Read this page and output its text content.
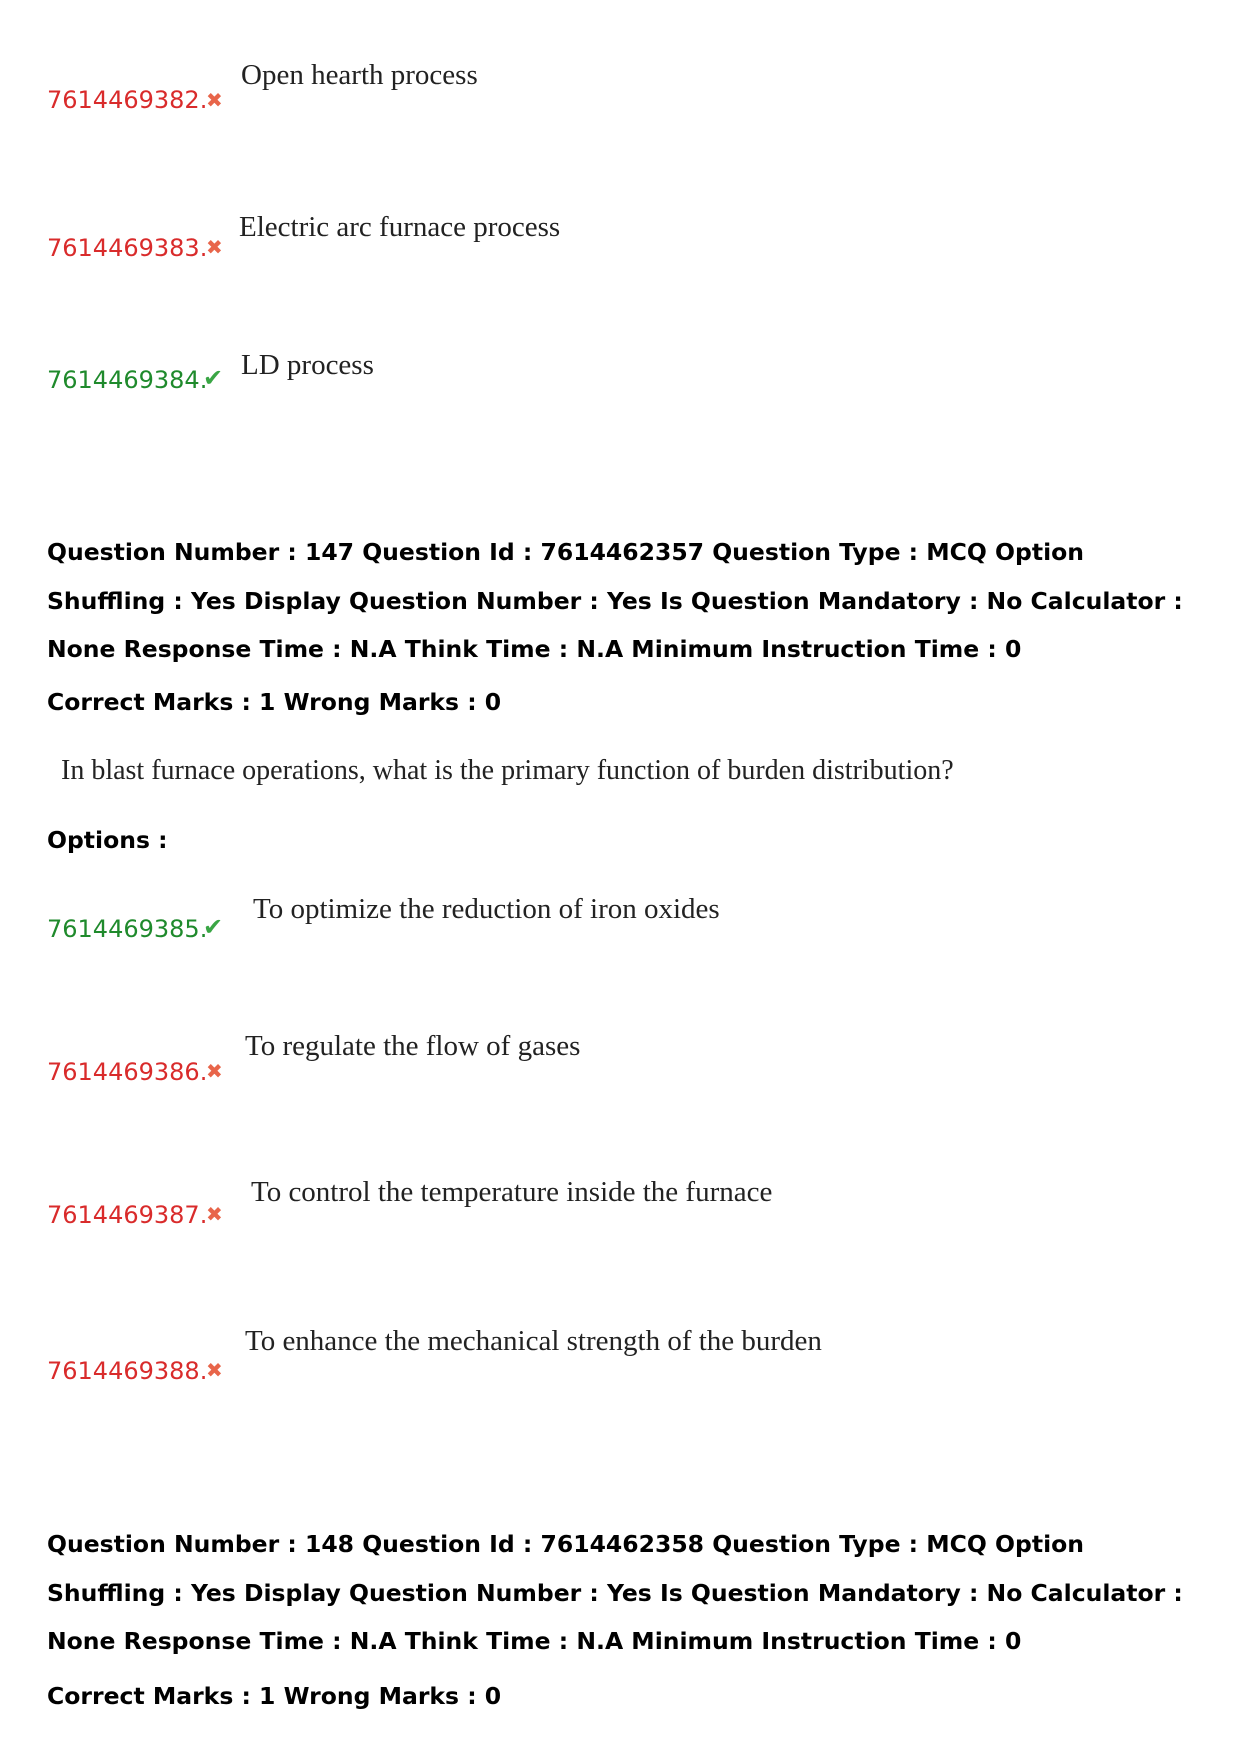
7614469382.
✖
Open hearth process
7614469383.
✖
Electric arc furnace process
7614469384.
✔ LD process
Question Number : 147 Question Id : 7614462357 Question Type : MCQ Option Shuffling : Yes Display Question Number : Yes Is Question Mandatory : No Calculator : None Response Time : N.A Think Time : N.A Minimum Instruction Time : 0
Correct Marks : 1 Wrong Marks : 0
In blast furnace operations, what is the primary function of burden distribution?
Options :
7614469385.
✔
To optimize the reduction of iron oxides
7614469386.
✖
To regulate the flow of gases
7614469387.
✖
To control the temperature inside the furnace
7614469388.
✖
To enhance the mechanical strength of the burden
Question Number : 148 Question Id : 7614462358 Question Type : MCQ Option Shuffling : Yes Display Question Number : Yes Is Question Mandatory : No Calculator : None Response Time : N.A Think Time : N.A Minimum Instruction Time : 0
Correct Marks : 1 Wrong Marks : 0
